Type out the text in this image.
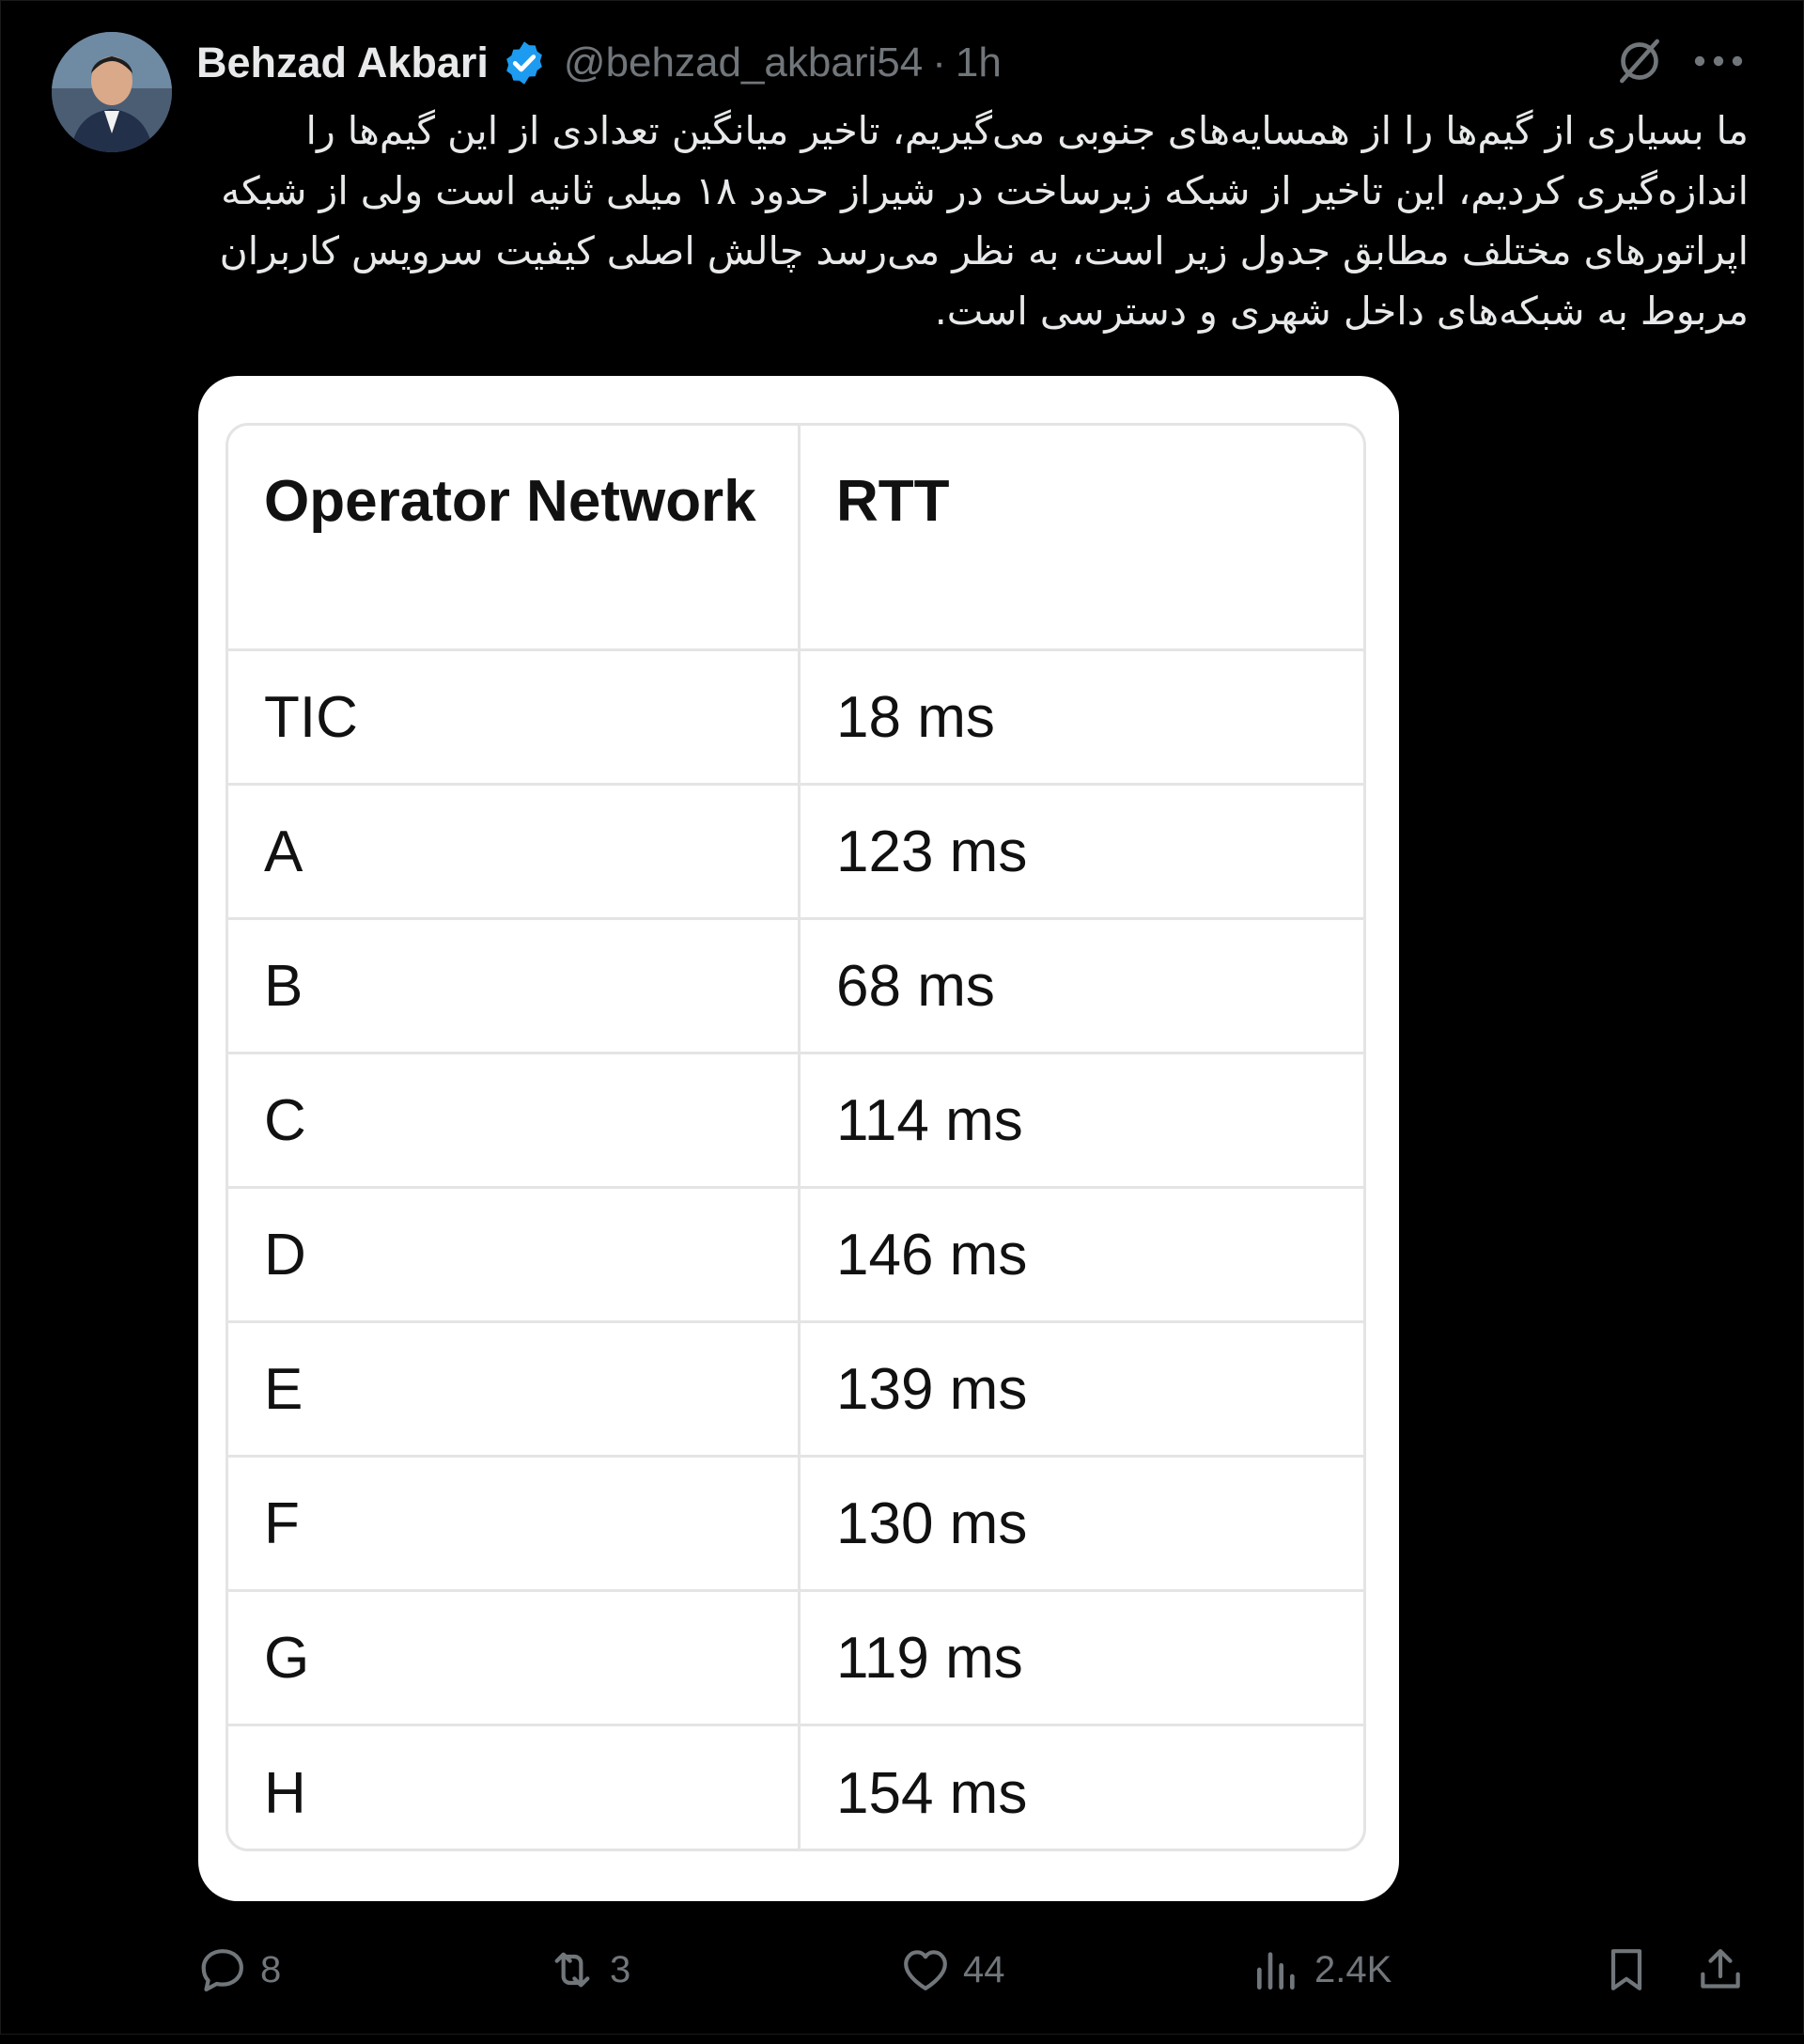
Behzad Akbari @behzad_akbari54 · 1h
ما بسیاری از گیم‌ها را از همسایه‌های جنوبی می‌گیریم، تاخیر میانگین تعدادی از این گیم‌ها را اندازه‌گیری کردیم، این تاخیر از شبکه زیرساخت در شیراز حدود ۱۸ میلی ثانیه است ولی از شبکه اپراتورهای مختلف مطابق جدول زیر است، به نظر می‌رسد چالش اصلی کیفیت سرویس کاربران مربوط به شبکه‌های داخل شهری و دسترسی است.
Operator Network	RTT
TIC	18 ms
A	123 ms
B	68 ms
C	114 ms
D	146 ms
E	139 ms
F	130 ms
G	119 ms
H	154 ms
8	3	44	2.4K
